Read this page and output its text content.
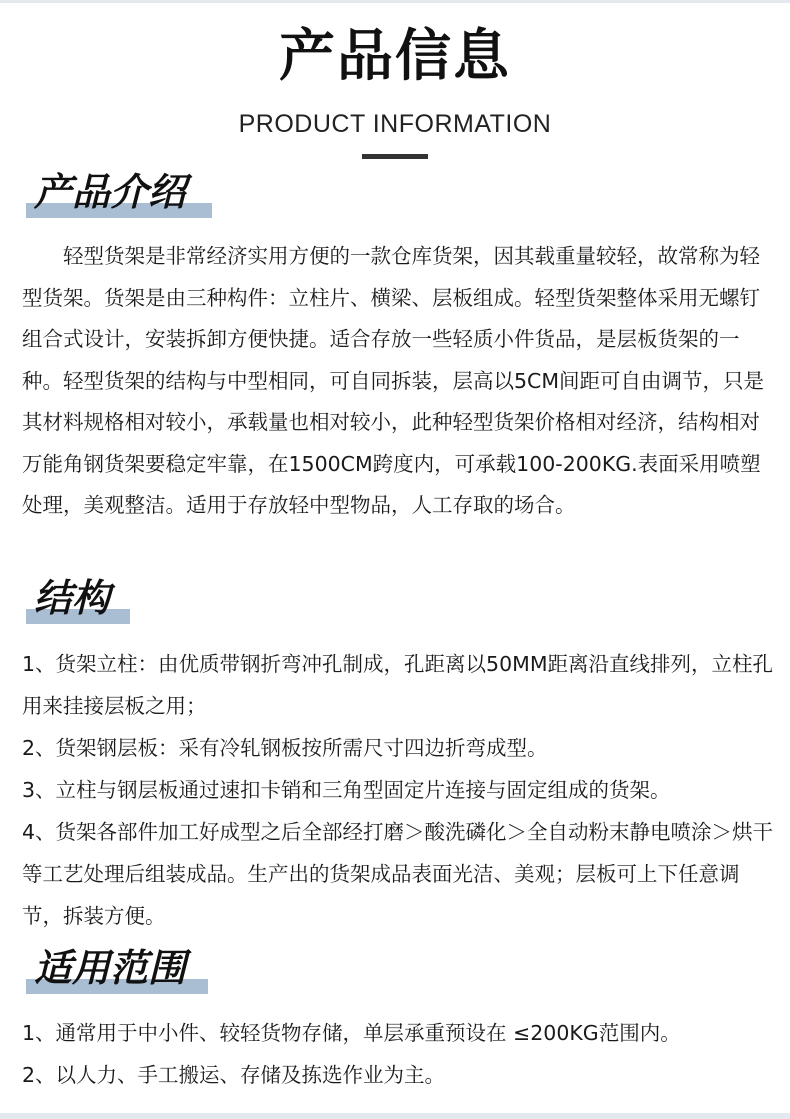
产品信息
PRODUCT INFORMATION
产品介绍

轻型货架是非常经济实用方便的一款仓库货架，因其载重量较轻，故常称为轻型货架。货架是由三种构件：立柱片、横梁、层板组成。轻型货架整体采用无螺钉组合式设计，安装拆卸方便快捷。适合存放一些轻质小件货品，是层板货架的一种。轻型货架的结构与中型相同，可自同拆装，层高以5CM间距可自由调节，只是其材料规格相对较小，承载量也相对较小，此种轻型货架价格相对经济，结构相对万能角钢货架要稳定牢靠，在1500CM跨度内，可承载100-200KG.表面采用喷塑处理，美观整洁。适用于存放轻中型物品，人工存取的场合。

结构
1、货架立柱：由优质带钢折弯冲孔制成，孔距离以50MM距离沿直线排列，立柱孔用来挂接层板之用；
2、货架钢层板：采有冷轧钢板按所需尺寸四边折弯成型。
3、立柱与钢层板通过速扣卡销和三角型固定片连接与固定组成的货架。
4、货架各部件加工好成型之后全部经打磨＞酸洗磷化＞全自动粉末静电喷涂＞烘干等工艺处理后组装成品。生产出的货架成品表面光洁、美观；层板可上下任意调节，拆装方便。
适用范围
1、通常用于中小件、较轻货物存储，单层承重预设在 ≤200KG范围内。
2、以人力、手工搬运、存储及拣选作业为主。
